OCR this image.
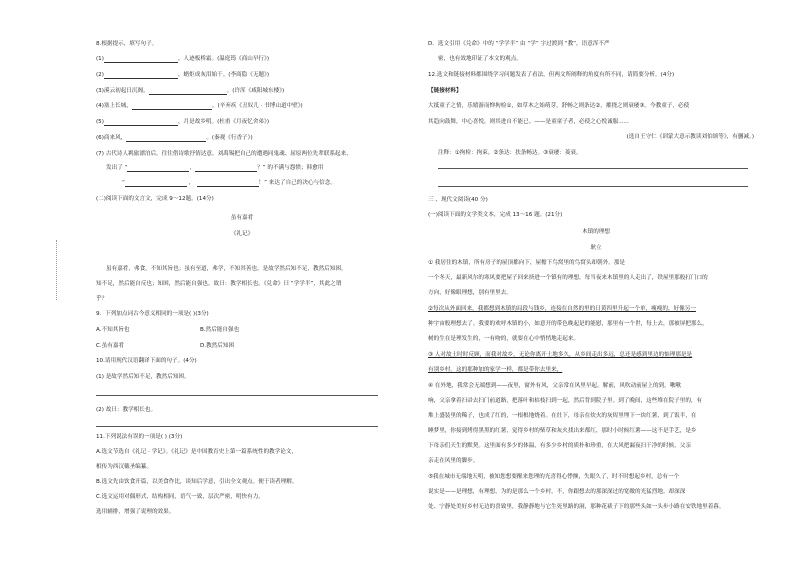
8.根据提示，填写句子。
(1)	，人迹板桥霜。(温庭筠《商山早行》)
(2)	，蜡炬成灰泪始干。(李商隐《无题》)
(3)溪云初起日沉阁，	。(许浑《咸阳城东楼》)
(4)塞上长城，	。(辛弃疾《丑奴儿 · 书博山道中壁》)
(5)	，月是故乡明。(杜甫《月夜忆舍弟》)
(6)商来风，	。(秦观《行香子》)
(7) 古代诗人羁旅漂泊后，往往借诗歌抒情达意。刘禹锡把自己的遭遇同鬼魂、屈原两位先辈联系起来，
发出了 “	，	？” 的不满与怨愤；韩愈用
“	，	！” 来达了自己的决心与信念。
(二)阅读下面的文言文，完成 9～12题。(14分)
虽有嘉肴
《礼记》
虽有嘉肴，弗食，不知其旨也；虽有至道，弗学，不知其善也。是故学然后知不足，教然后知困。
知不足，然后能自反也；知困，然后能自强也。故曰：教学相长也。《兑命》曰 “学学半”，其此之谓
乎？
9．下列加点词古今意义相同的一项是( )(3分)
A.不知其旨也	B.然后能自强也
C.虽有嘉肴	D.教然后知困
10.请用现代汉语翻译下面的句子。(4分)
(1) 是故学然后知不足，教然后知困。
(2) 故曰：教学相长也。
11.下列说法有误的一项是( ) (3分)
A.选文节选自《礼记 · 学记》。《礼记》是中国教育史上第一篇系统性的教学论文，
相传为西汉戴圣编纂。
B.选文先由饮食开篇，以美食作比，谈知后学意，引出全文观点。便于读者理解。
C.选文运用对偶形式，结构相同，语气一致，层次严密，明快有力。
选用辅排，增强了说理的效果。
D．选文引用《兑命》中的 “学学半” 由 “学” 字过渡到 “教”，语意浑不严
密，也有效地印证了本文的观点。
12.选文和链接材料都围绕学习问题发表了看法，但两文所阐释的角度有所不同，请简要分析。(4分)
【链接材料】
大抵童子之情，乐嬉游而惮拘检①，如草木之始萌芽，舒畅之则条达②，摧挠之则衰痿③。今教童子，必使
其趋向鼓舞，中心喜悦，则其进自不能已。——是童童子者，必使之心悦诚服......
(选自王守仁《训蒙大意示教读刘伯颂等》，有删减。)
注释：①拘检：拘束。②条达：扶条畅达。③衰痿：菱衰。
三 、现代文阅读(40 分)
(一)阅读下面的文学类文本，完成 13～16 题。(21分)
木镇的理想
耿立
① 我居住的木镇，所有房子的屋顶都向下，屋檐下鸟窝里的鸟窝头却朝外。那是
一个冬天，最新风尔的寒风要把屋子回来挤进一个镇有的理想，每当夜来木镇里的人走出了，铁屋里那般打门口的
方向，好像眼理想，别有里里去。
②每次从外面回来，我都想到木镇的局段与钱乡，连接在自然的里的日黄四里升起一个单，瘦瘦的，好像另一
种宇宙般理想去了。我要的欢呼木镇的小，如意开的带色晚起是的能慰，那里有一个世，每上去，那被屏把那么，
树的生在是理发生的，一有吻的，就要在心中悄悄地走起来。
③ 人对故土时时反顾，而我对故乡，无论你离开土地多久，从乡间走出多远，总还是感到里边的惦理那是是
有别乡村。这的那种加的家学一样，都是带你去里来，
④ 在外地，我常会无端想到——夜里，窗外有风，父亲常在风里早起。解前，风吹动前屋上的到，啾啾
响，父亲拿着扫帚去扫门前道路，把落叶和枯枝扫到一起，然后背到院子里。到了晚间，这些堆在院子里的，有
堆上盛装里的稀子，也成了红的，一根根地烧着。在灶下，母亲在炊火的灰烬里埋下一块红薯，到了饭半，在
睡梦里，你接到烤得黑黑的红薯，觉得乡村的柴草和灰火找出来都红，那时小时候红薯——这不是手艺，是乡
下母亲们天生的默契。这里面有多少的体温，有多少乡村的质朴和珍重，在大风把漏夜扫干净的时候，父亲
亲走在风里的脚步。
⑤我在城市无端地天明，被知您想要醒来您理的光喜得心悸颤，失眼久了，时不时想起乡村，总有一个
说实是——是理想，有理想，为的是那么一个乡村，不，你跟想去的那深深过的宽敞的光猛烈地。却深深
处、宁静处美好乡村无边的喜致里，我静静地与它生死里路的洞，那种花裱子下的那些头如一头步小路在安铁地里着暮。
